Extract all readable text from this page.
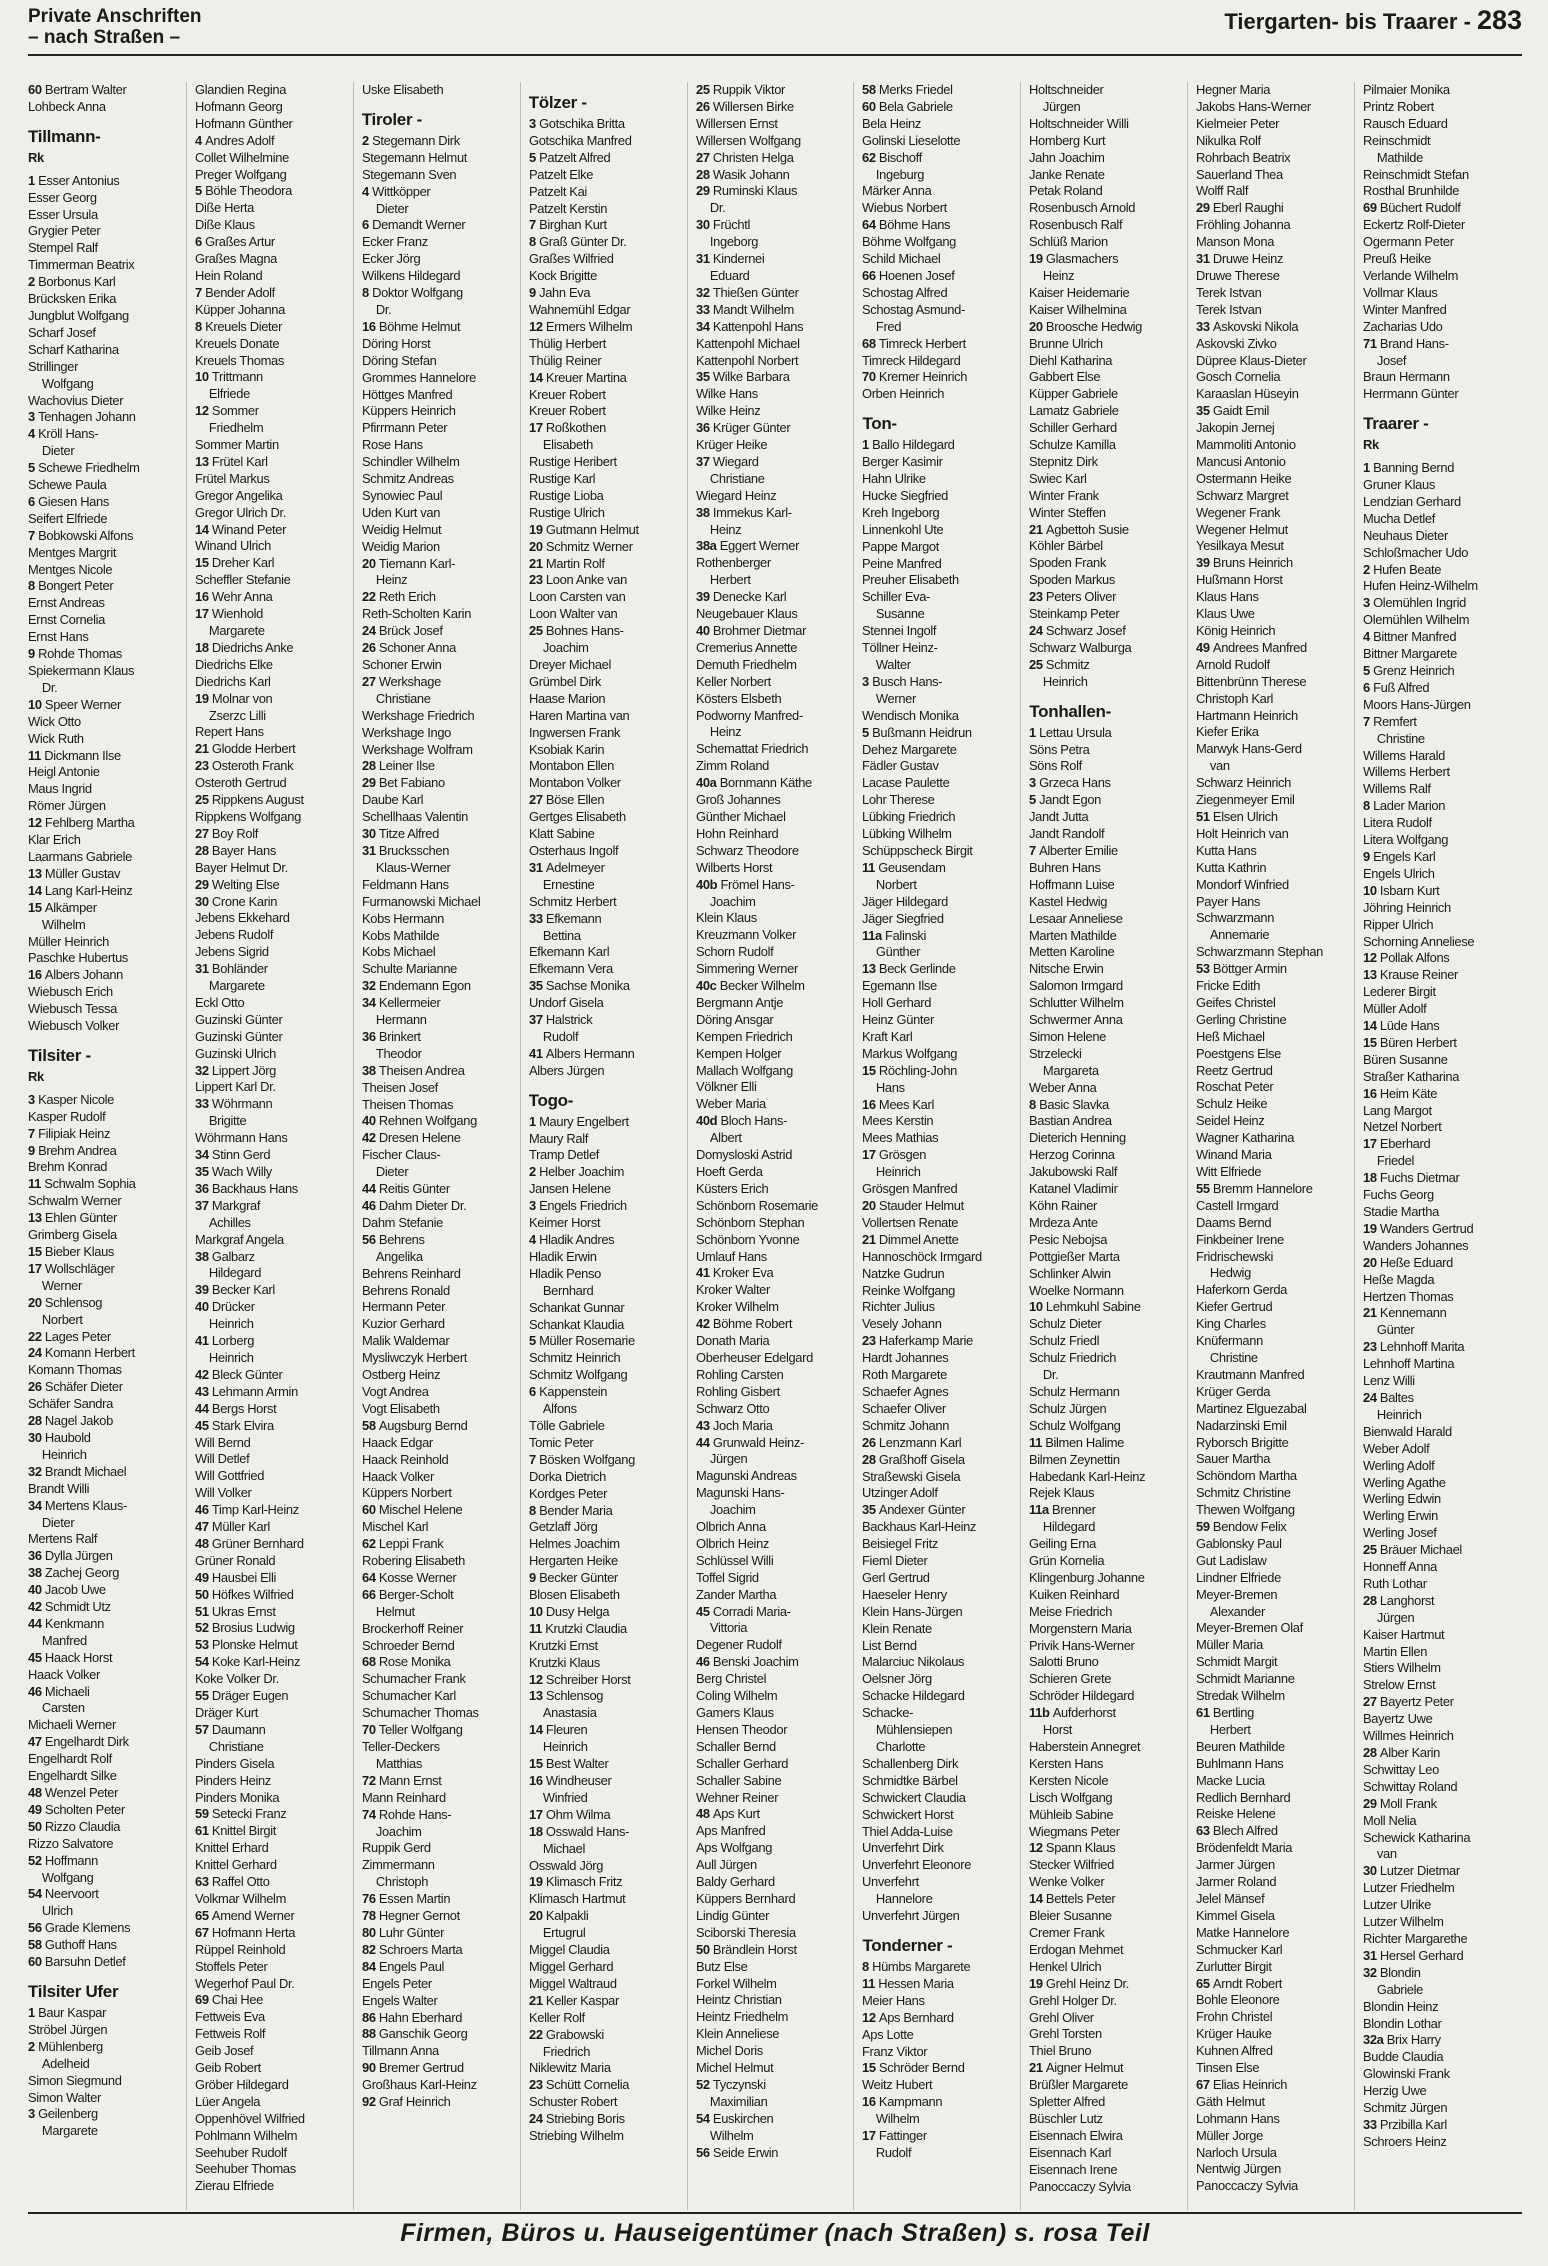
Private Anschriften
– nach Straßen –
Tiergarten- bis Traarer - 283
60 Bertram Walter
Lohbeck Anna
Tillmann-
Rk
1 Esser Antonius
Esser Georg
Esser Ursula
Grygier Peter
Stempel Ralf
Timmerman Beatrix
2 Borbonus Karl
Brücksken Erika
Jungblut Wolfgang
Scharf Josef
Scharf Katharina
Strillinger
Wolfgang
Wachovius Dieter
3 Tenhagen Johann
4 Kröll Hans-
Dieter
5 Schewe Friedhelm
Schewe Paula
6 Giesen Hans
Seifert Elfriede
7 Bobkowski Alfons
Mentges Margrit
Mentges Nicole
8 Bongert Peter
Ernst Andreas
Ernst Cornelia
Ernst Hans
9 Rohde Thomas
Spiekermann Klaus
Dr.
10 Speer Werner
Wick Otto
Wick Ruth
11 Dickmann Ilse
Heigl Antonie
Maus Ingrid
Römer Jürgen
12 Fehlberg Martha
Klar Erich
Laarmans Gabriele
13 Müller Gustav
14 Lang Karl-Heinz
15 Alkämper
Wilhelm
Müller Heinrich
Paschke Hubertus
16 Albers Johann
Wiebusch Erich
Wiebusch Tessa
Wiebusch Volker
Tilsiter -
Rk
3 Kasper Nicole
Kasper Rudolf
7 Filipiak Heinz
9 Brehm Andrea
Brehm Konrad
11 Schwalm Sophia
Schwalm Werner
13 Ehlen Günter
Grimberg Gisela
15 Bieber Klaus
17 Wollschläger
Werner
20 Schlensog
Norbert
22 Lages Peter
24 Komann Herbert
Komann Thomas
26 Schäfer Dieter
Schäfer Sandra
28 Nagel Jakob
30 Haubold
Heinrich
32 Brandt Michael
Brandt Willi
34 Mertens Klaus-
Dieter
Mertens Ralf
36 Dylla Jürgen
38 Zachej Georg
40 Jacob Uwe
42 Schmidt Utz
44 Kenkmann
Manfred
45 Haack Horst
Haack Volker
46 Michaeli
Carsten
Michaeli Werner
47 Engelhardt Dirk
Engelhardt Rolf
Engelhardt Silke
48 Wenzel Peter
49 Scholten Peter
50 Rizzo Claudia
Rizzo Salvatore
52 Hoffmann
Wolfgang
54 Neervoort
Ulrich
56 Grade Klemens
58 Guthoff Hans
60 Barsuhn Detlef
Tilsiter Ufer
1 Baur Kaspar
Ströbel Jürgen
2 Mühlenberg
Adelheid
Simon Siegmund
Simon Walter
3 Geilenberg
Margarete
Glandien Regina
Hofmann Georg
Hofmann Günther
4 Andres Adolf
Collet Wilhelmine
Preger Wolfgang
5 Böhle Theodora
Diße Herta
Diße Klaus
6 Graßes Artur
Graßes Magna
Hein Roland
7 Bender Adolf
Küpper Johanna
8 Kreuels Dieter
Kreuels Donate
Kreuels Thomas
10 Trittmann
Elfriede
12 Sommer
Friedhelm
Sommer Martin
13 Frütel Karl
Frütel Markus
Gregor Angelika
Gregor Ulrich Dr.
14 Winand Peter
Winand Ulrich
15 Dreher Karl
Scheffler Stefanie
16 Wehr Anna
17 Wienhold
Margarete
18 Diedrichs Anke
Diedrichs Elke
Diedrichs Karl
19 Molnar von
Zserzc Lilli
Repert Hans
21 Glodde Herbert
23 Osteroth Frank
Osteroth Gertrud
25 Rippkens August
Rippkens Wolfgang
27 Boy Rolf
28 Bayer Hans
Bayer Helmut Dr.
29 Welting Else
30 Crone Karin
Jebens Ekkehard
Jebens Rudolf
Jebens Sigrid
31 Bohländer
Margarete
Eckl Otto
Guzinski Günter
Guzinski Günter
Guzinski Ulrich
32 Lippert Jörg
Lippert Karl Dr.
33 Wöhrmann
Brigitte
Wöhrmann Hans
34 Stinn Gerd
35 Wach Willy
36 Backhaus Hans
37 Markgraf
Achilles
Markgraf Angela
38 Galbarz
Hildegard
39 Becker Karl
40 Drücker
Heinrich
41 Lorberg
Heinrich
42 Bleck Günter
43 Lehmann Armin
44 Bergs Horst
45 Stark Elvira
Will Bernd
Will Detlef
Will Gottfried
Will Volker
46 Timp Karl-Heinz
47 Müller Karl
48 Grüner Bernhard
Grüner Ronald
49 Hausbei Elli
50 Höfkes Wilfried
51 Ukras Ernst
52 Brosius Ludwig
53 Plonske Helmut
54 Koke Karl-Heinz
Koke Volker Dr.
55 Dräger Eugen
Dräger Kurt
57 Daumann
Christiane
Pinders Gisela
Pinders Heinz
Pinders Monika
59 Setecki Franz
61 Knittel Birgit
Knittel Erhard
Knittel Gerhard
63 Raffel Otto
Volkmar Wilhelm
65 Amend Werner
67 Hofmann Herta
Rüppel Reinhold
Stoffels Peter
Wegerhof Paul Dr.
69 Chai Hee
Fettweis Eva
Fettweis Rolf
Geib Josef
Geib Robert
Gröber Hildegard
Lüer Angela
Oppenhövel Wilfried
Pohlmann Wilhelm
Seehuber Rudolf
Seehuber Thomas
Zierau Elfriede
Uske Elisabeth
Tiroler -
2 Stegemann Dirk
Stegemann Helmut
Stegemann Sven
4 Wittköpper
Dieter
6 Demandt Werner
Ecker Franz
Ecker Jörg
Wilkens Hildegard
8 Doktor Wolfgang
Dr.
16 Böhme Helmut
Döring Horst
Döring Stefan
Grommes Hannelore
Höttges Manfred
Küppers Heinrich
Pfirrmann Peter
Rose Hans
Schindler Wilhelm
Schmitz Andreas
Synowiec Paul
Uden Kurt van
Weidig Helmut
Weidig Marion
20 Tiemann Karl-
Heinz
22 Reth Erich
Reth-Scholten Karin
24 Brück Josef
26 Schoner Anna
Schoner Erwin
27 Werkshage
Christiane
Werkshage Friedrich
Werkshage Ingo
Werkshage Wolfram
28 Leiner Ilse
29 Bet Fabiano
Daube Karl
Schellhaas Valentin
30 Titze Alfred
31 Brucksschen
Klaus-Werner
Feldmann Hans
Furmanowski Michael
Kobs Hermann
Kobs Mathilde
Kobs Michael
Schulte Marianne
32 Endemann Egon
34 Kellermeier
Hermann
36 Brinkert
Theodor
38 Theisen Andrea
Theisen Josef
Theisen Thomas
40 Rehnen Wolfgang
42 Dresen Helene
Fischer Claus-
Dieter
44 Reitis Günter
46 Dahm Dieter Dr.
Dahm Stefanie
56 Behrens
Angelika
Behrens Reinhard
Behrens Ronald
Hermann Peter
Kuzior Gerhard
Malik Waldemar
Mysliwczyk Herbert
Ostberg Heinz
Vogt Andrea
Vogt Elisabeth
58 Augsburg Bernd
Haack Edgar
Haack Reinhold
Haack Volker
Küppers Norbert
60 Mischel Helene
Mischel Karl
62 Leppi Frank
Robering Elisabeth
64 Kosse Werner
66 Berger-Scholt
Helmut
Brockerhoff Reiner
Schroeder Bernd
68 Rose Monika
Schumacher Frank
Schumacher Karl
Schumacher Thomas
70 Teller Wolfgang
Teller-Deckers
Matthias
72 Mann Ernst
Mann Reinhard
74 Rohde Hans-
Joachim
Ruppik Gerd
Zimmermann
Christoph
76 Essen Martin
78 Hegner Gernot
80 Luhr Günter
82 Schroers Marta
84 Engels Paul
Engels Peter
Engels Walter
86 Hahn Eberhard
88 Ganschik Georg
Tillmann Anna
90 Bremer Gertrud
Großhaus Karl-Heinz
92 Graf Heinrich
Tölzer -
3 Gotschika Britta
Gotschika Manfred
5 Patzelt Alfred
Patzelt Elke
Patzelt Kai
Patzelt Kerstin
7 Birghan Kurt
8 Graß Günter Dr.
Graßes Wilfried
Kock Brigitte
9 Jahn Eva
Wahnemühl Edgar
12 Ermers Wilhelm
Thülig Herbert
Thülig Reiner
14 Kreuer Martina
Kreuer Robert
Kreuer Robert
17 Roßkothen
Elisabeth
Rustige Heribert
Rustige Karl
Rustige Lioba
Rustige Ulrich
19 Gutmann Helmut
20 Schmitz Werner
21 Martin Rolf
23 Loon Anke van
Loon Carsten van
Loon Walter van
25 Bohnes Hans-
Joachim
Dreyer Michael
Grümbel Dirk
Haase Marion
Haren Martina van
Ingwersen Frank
Ksobiak Karin
Montabon Ellen
Montabon Volker
27 Böse Ellen
Gertges Elisabeth
Klatt Sabine
Osterhaus Ingolf
31 Adelmeyer
Ernestine
Schmitz Herbert
33 Efkemann
Bettina
Efkemann Karl
Efkemann Vera
35 Sachse Monika
Undorf Gisela
37 Halstrick
Rudolf
41 Albers Hermann
Albers Jürgen
Togo-
1 Maury Engelbert
Maury Ralf
Tramp Detlef
2 Helber Joachim
Jansen Helene
3 Engels Friedrich
Keimer Horst
4 Hladik Andres
Hladik Erwin
Hladik Penso
Bernhard
Schankat Gunnar
Schankat Klaudia
5 Müller Rosemarie
Schmitz Heinrich
Schmitz Wolfgang
6 Kappenstein
Alfons
Tölle Gabriele
Tomic Peter
7 Bösken Wolfgang
Dorka Dietrich
Kordges Peter
8 Bender Maria
Getzlaff Jörg
Helmes Joachim
Hergarten Heike
9 Becker Günter
Blosen Elisabeth
10 Dusy Helga
11 Krutzki Claudia
Krutzki Ernst
Krutzki Klaus
12 Schreiber Horst
13 Schlensog
Anastasia
14 Fleuren
Heinrich
15 Best Walter
16 Windheuser
Winfried
17 Ohm Wilma
18 Osswald Hans-
Michael
Osswald Jörg
19 Klimasch Fritz
Klimasch Hartmut
20 Kalpakli
Ertugrul
Miggel Claudia
Miggel Gerhard
Miggel Waltraud
21 Keller Kaspar
Keller Rolf
22 Grabowski
Friedrich
Niklewitz Maria
23 Schütt Cornelia
Schuster Robert
24 Striebing Boris
Striebing Wilhelm
25 Ruppik Viktor
26 Willersen Birke
Willersen Ernst
Willersen Wolfgang
27 Christen Helga
28 Wasik Johann
29 Ruminski Klaus
Dr.
30 Früchtl
Ingeborg
31 Kindernei
Eduard
32 Thießen Günter
33 Mandt Wilhelm
34 Kattenpohl Hans
Kattenpohl Michael
Kattenpohl Norbert
35 Wilke Barbara
Wilke Hans
Wilke Heinz
36 Krüger Günter
Krüger Heike
37 Wiegard
Christiane
Wiegard Heinz
38 Immekus Karl-
Heinz
38a Eggert Werner
Rothenberger
Herbert
39 Denecke Karl
Neugebauer Klaus
40 Brohmer Dietmar
Cremerius Annette
Demuth Friedhelm
Keller Norbert
Kösters Elsbeth
Podworny Manfred-
Heinz
Schemattat Friedrich
Zimm Roland
40a Bornmann Käthe
Groß Johannes
Günther Michael
Hohn Reinhard
Schwarz Theodore
Wilberts Horst
40b Frömel Hans-
Joachim
Klein Klaus
Kreuzmann Volker
Schorn Rudolf
Simmering Werner
40c Becker Wilhelm
Bergmann Antje
Döring Ansgar
Kempen Friedrich
Kempen Holger
Mallach Wolfgang
Völkner Elli
Weber Maria
40d Bloch Hans-
Albert
Domysloski Astrid
Hoeft Gerda
Küsters Erich
Schönborn Rosemarie
Schönborn Stephan
Schönborn Yvonne
Umlauf Hans
41 Kroker Eva
Kroker Walter
Kroker Wilhelm
42 Böhme Robert
Donath Maria
Oberheuser Edelgard
Rohling Carsten
Rohling Gisbert
Schwarz Otto
43 Joch Maria
44 Grunwald Heinz-
Jürgen
Magunski Andreas
Magunski Hans-
Joachim
Olbrich Anna
Olbrich Heinz
Schlüssel Willi
Toffel Sigrid
Zander Martha
45 Corradi Maria-
Vittoria
Degener Rudolf
46 Benski Joachim
Berg Christel
Coling Wilhelm
Gamers Klaus
Hensen Theodor
Schaller Bernd
Schaller Gerhard
Schaller Sabine
Wehner Reiner
48 Aps Kurt
Aps Manfred
Aps Wolfgang
Aull Jürgen
Baldy Gerhard
Küppers Bernhard
Lindig Günter
Sciborski Theresia
50 Brändlein Horst
Butz Else
Forkel Wilhelm
Heintz Christian
Heintz Friedhelm
Klein Anneliese
Michel Doris
Michel Helmut
52 Tyczynski
Maximilian
54 Euskirchen
Wilhelm
56 Seide Erwin
58 Merks Friedel
60 Bela Gabriele
Bela Heinz
Golinski Lieselotte
62 Bischoff
Ingeburg
Märker Anna
Wiebus Norbert
64 Böhme Hans
Böhme Wolfgang
Schild Michael
66 Hoenen Josef
Schostag Alfred
Schostag Asmund-
Fred
68 Timreck Herbert
Timreck Hildegard
70 Kremer Heinrich
Orben Heinrich
Ton-
1 Ballo Hildegard
Berger Kasimir
Hahn Ulrike
Hucke Siegfried
Kreh Ingeborg
Linnenkohl Ute
Pappe Margot
Peine Manfred
Preuher Elisabeth
Schiller Eva-
Susanne
Stennei Ingolf
Töllner Heinz-
Walter
3 Busch Hans-
Werner
Wendisch Monika
5 Bußmann Heidrun
Dehez Margarete
Fädler Gustav
Lacase Paulette
Lohr Therese
Lübking Friedrich
Lübking Wilhelm
Schüppscheck Birgit
11 Geusendam
Norbert
Jäger Hildegard
Jäger Siegfried
11a Falinski
Günther
13 Beck Gerlinde
Egemann Ilse
Holl Gerhard
Heinz Günter
Kraft Karl
Markus Wolfgang
15 Röchling-John
Hans
16 Mees Karl
Mees Kerstin
Mees Mathias
17 Grösgen
Heinrich
Grösgen Manfred
20 Stauder Helmut
Vollertsen Renate
21 Dimmel Anette
Hannoschöck Irmgard
Natzke Gudrun
Reinke Wolfgang
Richter Julius
Vesely Johann
23 Haferkamp Marie
Hardt Johannes
Roth Margarete
Schaefer Agnes
Schaefer Oliver
Schmitz Johann
26 Lenzmann Karl
28 Graßhoff Gisela
Straßewski Gisela
Utzinger Adolf
35 Andexer Günter
Backhaus Karl-Heinz
Beisiegel Fritz
Fieml Dieter
Gerl Gertrud
Haeseler Henry
Klein Hans-Jürgen
Klein Renate
List Bernd
Malarciuc Nikolaus
Oelsner Jörg
Schacke Hildegard
Schacke-
Mühlensiepen
Charlotte
Schallenberg Dirk
Schmidtke Bärbel
Schwickert Claudia
Schwickert Horst
Thiel Adda-Luise
Unverfehrt Dirk
Unverfehrt Eleonore
Unverfehrt
Hannelore
Unverfehrt Jürgen
Tonderner -
8 Hümbs Margarete
11 Hessen Maria
Meier Hans
12 Aps Bernhard
Aps Lotte
Franz Viktor
15 Schröder Bernd
Weitz Hubert
16 Kampmann
Wilhelm
17 Fattinger
Rudolf
Holtschneider
Jürgen
Holtschneider Willi
Homberg Kurt
Jahn Joachim
Janke Renate
Petak Roland
Rosenbusch Arnold
Rosenbusch Ralf
Schlüß Marion
19 Glasmachers
Heinz
Kaiser Heidemarie
Kaiser Wilhelmina
20 Broosche Hedwig
Brunne Ulrich
Diehl Katharina
Gabbert Else
Küpper Gabriele
Lamatz Gabriele
Schiller Gerhard
Schulze Kamilla
Stepnitz Dirk
Swiec Karl
Winter Frank
Winter Steffen
21 Agbettoh Susie
Köhler Bärbel
Spoden Frank
Spoden Markus
23 Peters Oliver
Steinkamp Peter
24 Schwarz Josef
Schwarz Walburga
25 Schmitz
Heinrich
Tonhallen-
1 Lettau Ursula
Söns Petra
Söns Rolf
3 Grzeca Hans
5 Jandt Egon
Jandt Jutta
Jandt Randolf
7 Alberter Emilie
Buhren Hans
Hoffmann Luise
Kastel Hedwig
Lesaar Anneliese
Marten Mathilde
Metten Karoline
Nitsche Erwin
Salomon Irmgard
Schlutter Wilhelm
Schwermer Anna
Simon Helene
Strzelecki
Margareta
Weber Anna
8 Basic Slavka
Bastian Andrea
Dieterich Henning
Herzog Corinna
Jakubowski Ralf
Katanel Vladimir
Köhn Rainer
Mrdeza Ante
Pesic Nebojsa
Pottgießer Marta
Schlinker Alwin
Woelke Normann
10 Lehmkuhl Sabine
Schulz Dieter
Schulz Friedl
Schulz Friedrich
Dr.
Schulz Hermann
Schulz Jürgen
Schulz Wolfgang
11 Bilmen Halime
Bilmen Zeynettin
Habedank Karl-Heinz
Rejek Klaus
11a Brenner
Hildegard
Geiling Erna
Grün Kornelia
Klingenburg Johanne
Kuiken Reinhard
Meise Friedrich
Morgenstern Maria
Privik Hans-Werner
Salotti Bruno
Schieren Grete
Schröder Hildegard
11b Aufderhorst
Horst
Haberstein Annegret
Kersten Hans
Kersten Nicole
Lisch Wolfgang
Mühleib Sabine
Wiegmans Peter
12 Spann Klaus
Stecker Wilfried
Wenke Volker
14 Bettels Peter
Bleier Susanne
Cremer Frank
Erdogan Mehmet
Henkel Ulrich
19 Grehl Heinz Dr.
Grehl Holger Dr.
Grehl Oliver
Grehl Torsten
Thiel Bruno
21 Aigner Helmut
Brüßler Margarete
Spletter Alfred
Büschler Lutz
Eisennach Elwira
Eisennach Karl
Eisennach Irene
Panoccaczy Sylvia
Hegner Maria
Jakobs Hans-Werner
Kielmeier Peter
Nikulka Rolf
Rohrbach Beatrix
Sauerland Thea
Wolff Ralf
29 Eberl Raughi
Fröhling Johanna
Manson Mona
31 Druwe Heinz
Druwe Therese
Terek Istvan
Terek Istvan
33 Askovski Nikola
Askovski Zivko
Düpree Klaus-Dieter
Gosch Cornelia
Karaaslan Hüseyin
35 Gaidt Emil
Jakopin Jernej
Mammoliti Antonio
Mancusi Antonio
Ostermann Heike
Schwarz Margret
Wegener Frank
Wegener Helmut
Yesilkaya Mesut
39 Bruns Heinrich
Hußmann Horst
Klaus Hans
Klaus Uwe
König Heinrich
49 Andrees Manfred
Arnold Rudolf
Bittenbrünn Therese
Christoph Karl
Hartmann Heinrich
Kiefer Erika
Marwyk Hans-Gerd
van
Schwarz Heinrich
Ziegenmeyer Emil
51 Elsen Ulrich
Holt Heinrich van
Kutta Hans
Kutta Kathrin
Mondorf Winfried
Payer Hans
Schwarzmann
Annemarie
Schwarzmann Stephan
53 Böttger Armin
Fricke Edith
Geifes Christel
Gerling Christine
Heß Michael
Poestgens Else
Reetz Gertrud
Roschat Peter
Schulz Heike
Seidel Heinz
Wagner Katharina
Winand Maria
Witt Elfriede
55 Bremm Hannelore
Castell Irmgard
Daams Bernd
Finkbeiner Irene
Fridrischewski
Hedwig
Haferkorn Gerda
Kiefer Gertrud
King Charles
Knüfermann
Christine
Krautmann Manfred
Krüger Gerda
Martinez Elguezabal
Nadarzinski Emil
Ryborsch Brigitte
Sauer Martha
Schöndorn Martha
Schmitz Christine
Thewen Wolfgang
59 Bendow Felix
Gablonsky Paul
Gut Ladislaw
Lindner Elfriede
Meyer-Bremen
Alexander
Meyer-Bremen Olaf
Müller Maria
Schmidt Margit
Schmidt Marianne
Stredak Wilhelm
61 Bertling
Herbert
Beuren Mathilde
Buhlmann Hans
Macke Lucia
Redlich Bernhard
Reiske Helene
63 Blech Alfred
Brödenfeldt Maria
Jarmer Jürgen
Jarmer Roland
Jelel Mänsef
Kimmel Gisela
Matke Hannelore
Schmucker Karl
Zurlutter Birgit
65 Arndt Robert
Bohle Eleonore
Frohn Christel
Krüger Hauke
Kuhnen Alfred
Tinsen Else
67 Elias Heinrich
Gäth Helmut
Lohmann Hans
Müller Jorge
Narloch Ursula
Nentwig Jürgen
Panoccaczy Sylvia
Pilmaier Monika
Printz Robert
Rausch Eduard
Reinschmidt
Mathilde
Reinschmidt Stefan
Rosthal Brunhilde
69 Büchert Rudolf
Eckertz Rolf-Dieter
Ogermann Peter
Preuß Heike
Verlande Wilhelm
Vollmar Klaus
Winter Manfred
Zacharias Udo
71 Brand Hans-
Josef
Braun Hermann
Herrmann Günter
Traarer -
Rk
1 Banning Bernd
Gruner Klaus
Lendzian Gerhard
Mucha Detlef
Neuhaus Dieter
Schloßmacher Udo
2 Hufen Beate
Hufen Heinz-Wilhelm
3 Olemühlen Ingrid
Olemühlen Wilhelm
4 Bittner Manfred
Bittner Margarete
5 Grenz Heinrich
6 Fuß Alfred
Moors Hans-Jürgen
7 Remfert
Christine
Willems Harald
Willems Herbert
Willems Ralf
8 Lader Marion
Litera Rudolf
Litera Wolfgang
9 Engels Karl
Engels Ulrich
10 Isbarn Kurt
Jöhring Heinrich
Ripper Ulrich
Schorning Anneliese
12 Pollak Alfons
13 Krause Reiner
Lederer Birgit
Müller Adolf
14 Lüde Hans
15 Büren Herbert
Büren Susanne
Straßer Katharina
16 Heim Käte
Lang Margot
Netzel Norbert
17 Eberhard
Friedel
18 Fuchs Dietmar
Fuchs Georg
Stadie Martha
19 Wanders Gertrud
Wanders Johannes
20 Heße Eduard
Heße Magda
Hertzen Thomas
21 Kennemann
Günter
23 Lehnhoff Marita
Lehnhoff Martina
Lenz Willi
24 Baltes
Heinrich
Bienwald Harald
Weber Adolf
Werling Adolf
Werling Agathe
Werling Edwin
Werling Erwin
Werling Josef
25 Bräuer Michael
Honneff Anna
Ruth Lothar
28 Langhorst
Jürgen
Kaiser Hartmut
Martin Ellen
Stiers Wilhelm
Strelow Ernst
27 Bayertz Peter
Bayertz Uwe
Willmes Heinrich
28 Alber Karin
Schwittay Leo
Schwittay Roland
29 Moll Frank
Moll Nelia
Schewick Katharina
van
30 Lutzer Dietmar
Lutzer Friedhelm
Lutzer Ulrike
Lutzer Wilhelm
Richter Margarethe
31 Hersel Gerhard
32 Blondin
Gabriele
Blondin Heinz
Blondin Lothar
32a Brix Harry
Budde Claudia
Glowinski Frank
Herzig Uwe
Schmitz Jürgen
33 Przibilla Karl
Schroers Heinz
Firmen, Büros u. Hauseigentümer (nach Straßen) s. rosa Teil
